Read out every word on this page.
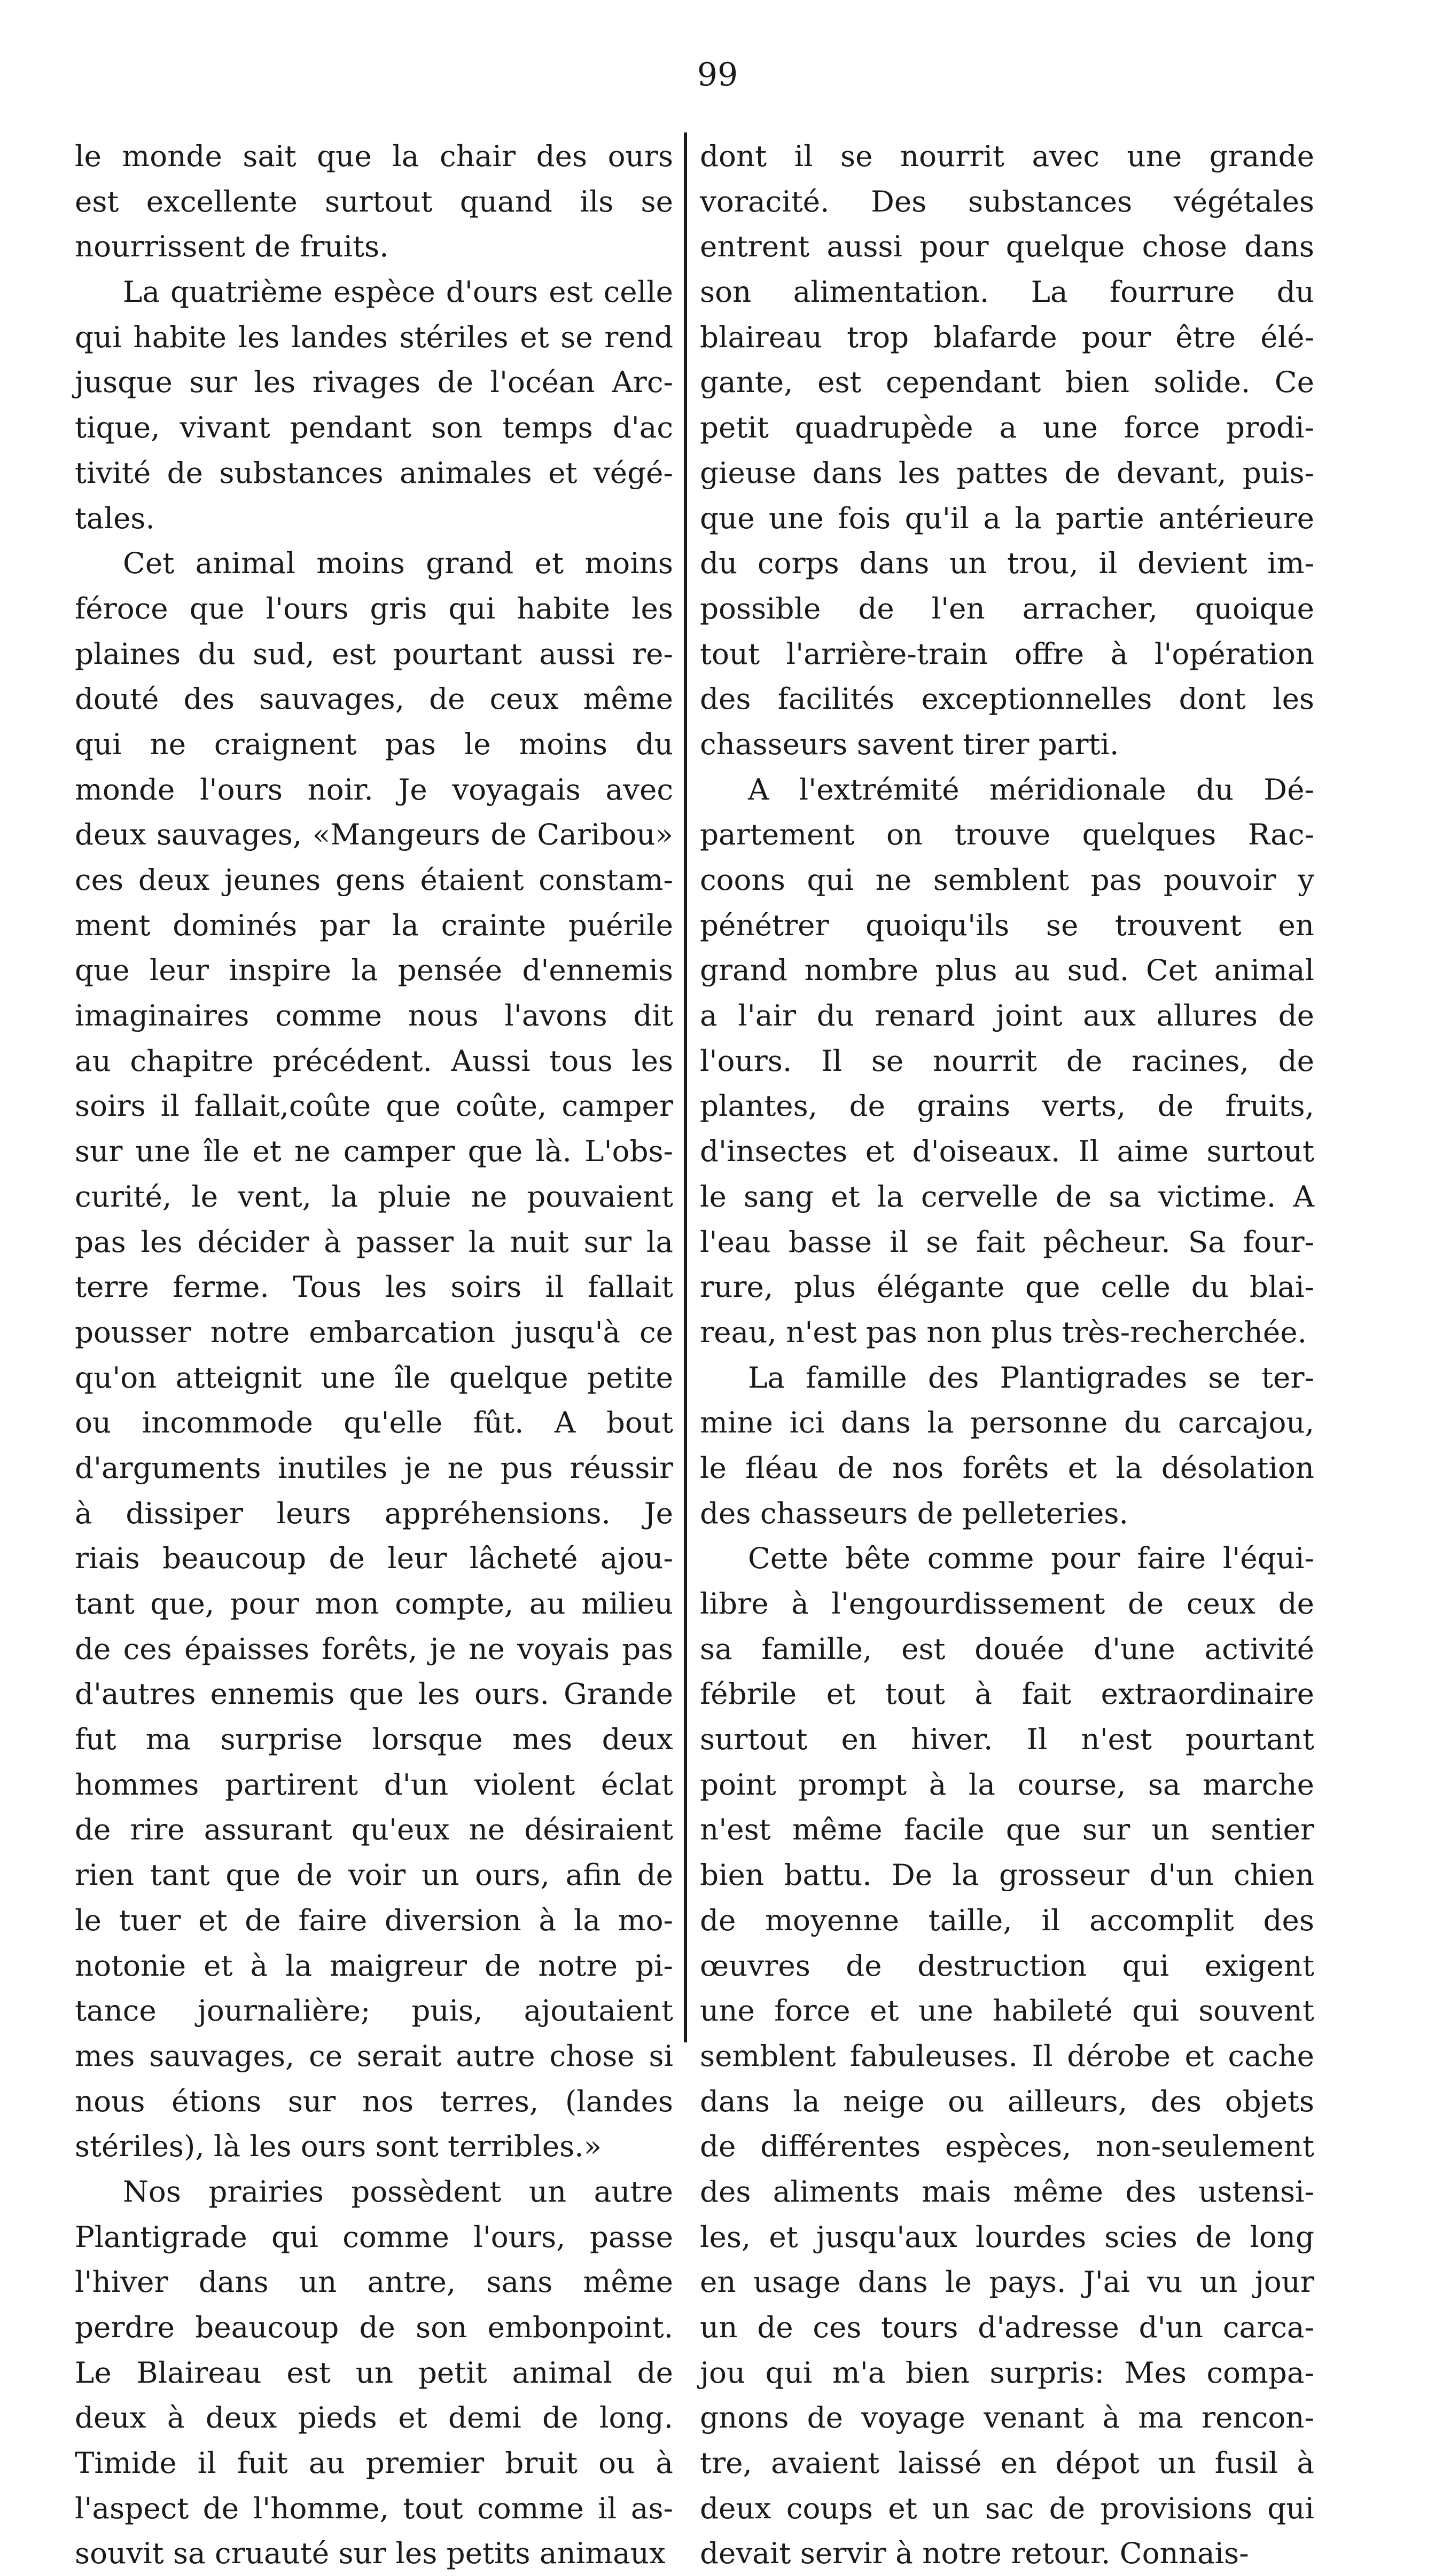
99
le monde sait que la chair des ours
est excellente surtout quand ils se
nourrissent de fruits.
La quatrième espèce d'ours est celle
qui habite les landes stériles et se rend
jusque sur les rivages de l'océan Arc-
tique, vivant pendant son temps d'ac
tivité de substances animales et végé-
tales.
Cet animal moins grand et moins
féroce que l'ours gris qui habite les
plaines du sud, est pourtant aussi re-
douté des sauvages, de ceux même
qui ne craignent pas le moins du
monde l'ours noir. Je voyagais avec
deux sauvages, «Mangeurs de Caribou»
ces deux jeunes gens étaient constam-
ment dominés par la crainte puérile
que leur inspire la pensée d'ennemis
imaginaires comme nous l'avons dit
au chapitre précédent. Aussi tous les
soirs il fallait,coûte que coûte, camper
sur une île et ne camper que là. L'obs-
curité, le vent, la pluie ne pouvaient
pas les décider à passer la nuit sur la
terre ferme. Tous les soirs il fallait
pousser notre embarcation jusqu'à ce
qu'on atteignit une île quelque petite
ou incommode qu'elle fût. A bout
d'arguments inutiles je ne pus réussir
à dissiper leurs appréhensions. Je
riais beaucoup de leur lâcheté ajou-
tant que, pour mon compte, au milieu
de ces épaisses forêts, je ne voyais pas
d'autres ennemis que les ours. Grande
fut ma surprise lorsque mes deux
hommes partirent d'un violent éclat
de rire assurant qu'eux ne désiraient
rien tant que de voir un ours, afin de
le tuer et de faire diversion à la mo-
notonie et à la maigreur de notre pi-
tance journalière; puis, ajoutaient
mes sauvages, ce serait autre chose si
nous étions sur nos terres, (landes
stériles), là les ours sont terribles.»
Nos prairies possèdent un autre
Plantigrade qui comme l'ours, passe
l'hiver dans un antre, sans même
perdre beaucoup de son embonpoint.
Le Blaireau est un petit animal de
deux à deux pieds et demi de long.
Timide il fuit au premier bruit ou à
l'aspect de l'homme, tout comme il as-
souvit sa cruauté sur les petits animaux
dont il se nourrit avec une grande
voracité. Des substances végétales
entrent aussi pour quelque chose dans
son alimentation. La fourrure du
blaireau trop blafarde pour être élé-
gante, est cependant bien solide. Ce
petit quadrupède a une force prodi-
gieuse dans les pattes de devant, puis-
que une fois qu'il a la partie antérieure
du corps dans un trou, il devient im-
possible de l'en arracher, quoique
tout l'arrière-train offre à l'opération
des facilités exceptionnelles dont les
chasseurs savent tirer parti.
A l'extrémité méridionale du Dé-
partement on trouve quelques Rac-
coons qui ne semblent pas pouvoir y
pénétrer quoiqu'ils se trouvent en
grand nombre plus au sud. Cet animal
a l'air du renard joint aux allures de
l'ours. Il se nourrit de racines, de
plantes, de grains verts, de fruits,
d'insectes et d'oiseaux. Il aime surtout
le sang et la cervelle de sa victime. A
l'eau basse il se fait pêcheur. Sa four-
rure, plus élégante que celle du blai-
reau, n'est pas non plus très-recherchée.
La famille des Plantigrades se ter-
mine ici dans la personne du carcajou,
le fléau de nos forêts et la désolation
des chasseurs de pelleteries.
Cette bête comme pour faire l'équi-
libre à l'engourdissement de ceux de
sa famille, est douée d'une activité
fébrile et tout à fait extraordinaire
surtout en hiver. Il n'est pourtant
point prompt à la course, sa marche
n'est même facile que sur un sentier
bien battu. De la grosseur d'un chien
de moyenne taille, il accomplit des
œuvres de destruction qui exigent
une force et une habileté qui souvent
semblent fabuleuses. Il dérobe et cache
dans la neige ou ailleurs, des objets
de différentes espèces, non-seulement
des aliments mais même des ustensi-
les, et jusqu'aux lourdes scies de long
en usage dans le pays. J'ai vu un jour
un de ces tours d'adresse d'un carca-
jou qui m'a bien surpris: Mes compa-
gnons de voyage venant à ma rencon-
tre, avaient laissé en dépot un fusil à
deux coups et un sac de provisions qui
devait servir à notre retour. Connais-
